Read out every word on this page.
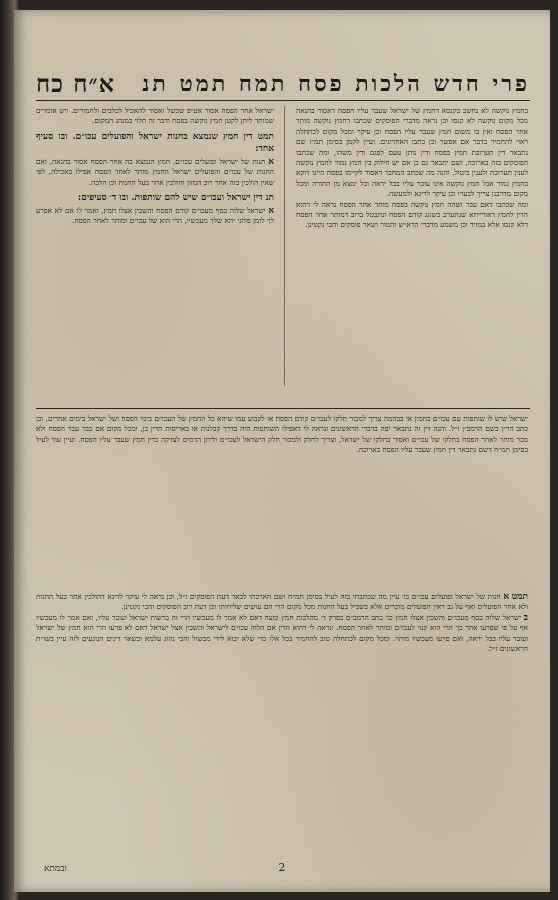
פרי חדש הלכות פסח תמח תמט תנ
א״ח כח

בחמץ נוקשה לא נחשב בקנסא דחמץ של ישראל שעבר עליו הפסח דאסור בהנאה מכל מקום נוקשה לא קנסו וכן נראה מדברי הפוסקים שכתבו דחמץ נוקשה מותר אחר הפסח ואין בו משום חמץ שעבר עליו הפסח וכן עיקר ומכל מקום לכתחלה ראוי להחמיר בדבר אם אפשר וכן כתבו האחרונים. ועיין לקמן בסימן תמ״ז שם נתבאר דין תערובת חמץ בפסח ודין נותן טעם לפגם ודין משהו, ומה שכתבו הפוסקים בזה בארוכה, ושם יתבאר גם כן אם יש חילוק בין חמץ גמור לחמץ נוקשה לענין תערובת ולענין ביטול. והנה מה שכתב המחבר דאסור לקיימו בפסח היינו דוקא בחמץ גמור אבל חמץ נוקשה אינו עובר עליו בבל יראה ובל ימצא מן התורה ומכל מקום מדרבנן צריך לבערו וכן עיקר לדינא ולמעשה.

ומה שכתבו דאם עבר ושהה חמץ נוקשה בפסח מותר אחר הפסח נראה לי דהוא הדין לחמץ דאורייתא שנתערב בשוגג קודם הפסח ונתבטל ברוב דמותר אחר הפסח דלא קנסו אלא במזיד וכן משמע מדברי הרא״ש והטור ושאר פוסקים והכי נקטינן.

ישראל אחר הפסח אסור אע״פ שכשל ואסור להאכיל לכלבים ולחמורים. ויש אומרים שמותר ליתן לקטן חמץ נוקשה בפסח ודבר זה תלוי במנהג המקום.

תמט דין חמץ שנמצא בחנות ישראל והפועלים עכו״ם. ובו סעיף אחד:

א חנות של ישראל ופועלים עכו״ם. חמץ הנמצא בה אחר הפסח אסור בהנאה, ואם החנות של עכו״ם והפועלים ישראל החמץ מותר לאחר הפסח אפילו באכילה, לפי שאין הולכין בזה אחר רוב המזון והולכין אחר בעל החנות וכן הלכה.

תנ דין ישראל ועכו״ם שיש להם שותפות. ובו ד׳ סעיפים:

א ישראל שלוה כסף מעכו״ם קודם הפסח והשכין אצלו חמץ, ואמר לו אם לא אפרע לך לזמן פלוני יהא שלך מעכשיו, הרי הוא של עכו״ם ומותר לאחר הפסח.

ישראל שיש לו שותפות עם עכו״ם בחמץ או בבהמה צריך למכור חלקו לעכו״ם קודם הפסח או לקבוע עמו שיהא כל החמץ של העכו״ם בימי הפסח ושל ישראל בימים אחרים, וכן כתב הר״ן בשם הרמב״ן ז״ל. והנה דין זה נתבאר יפה בדברי הראשונים ונראה לי דאפילו השותפות היה בדרך קבלנות או באריסות הדין כן, ומכל מקום אם כבר עבר הפסח ולא מכר מותר לאחר הפסח בחלקו של עכו״ם ואסור בחלקו של ישראל, וצריך לחלק ולמכור חלק הישראל לעכו״ם וליתן הדמים לצדקה כדין חמץ שעבר עליו הפסח. ועיין עוד לעיל בסימן תמ״ח דשם נתבאר דין חמץ שעבר עליו הפסח בארוכה.

תמט א חנות של ישראל ופועלים עכו״ם כו׳ עיין מה שכתבתי בזה לעיל בסימן תמ״ח ושם הארכתי לבאר דעת הפוסקים ז״ל, וכן נראה לי עיקר לדינא דהולכין אחר בעל החנות ולא אחר הפועלים ואף על גב דאין הפועלים מוכרים אלא בשביל בעל החנות מכל מקום הרי הם עושים שליחותו וכן דעת רוב הפוסקים והכי נקטינן.

ב ישראל שלוה כסף מעכו״ם והשכין אצלו חמץ כו׳ כתב הרמב״ם בפרק ד׳ מהלכות חמץ ומצה דאם לא אמר לו מעכשיו הרי זה ברשות ישראל ועובר עליו, ואם אמר לו מעכשיו אף על פי שפרעו אחר כך הרי הוא קנוי לעכו״ם ומותר לאחר הפסח. ונראה לי דהוא הדין אם הלוה עכו״ם לישראל והשכין אצל ישראל דאם לא פרעו הרי הוא חמץ של ישראל ועובר עליו בבל יראה, ואם פרעו מעכשיו מותר. ומכל מקום לכתחלה טוב להחמיר בכל אלו כדי שלא יבוא לידי מכשול והכי נהוג עלמא ובשאר דינים הנוגעים לזה עיין בשו״ת הראשונים ז״ל.

2
ובמתא
